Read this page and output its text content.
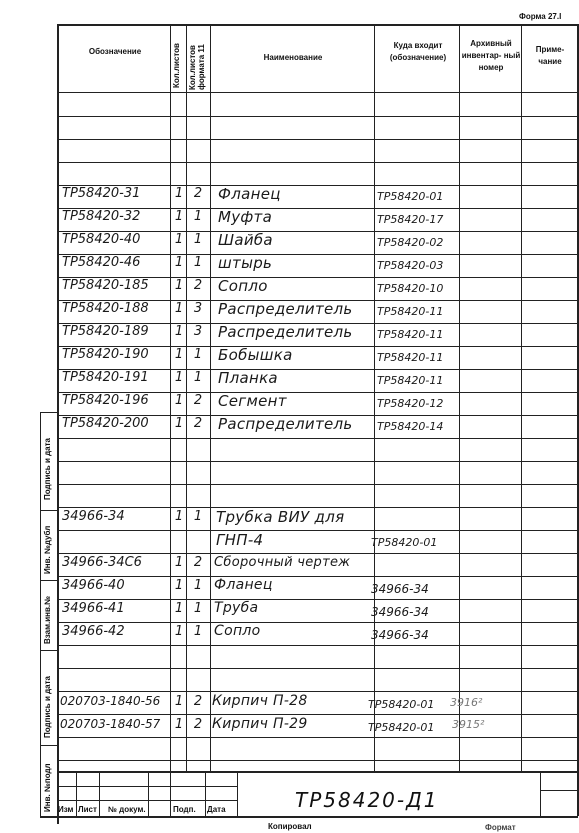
Форма 27.I
Обозначение	Кол.листов Кол.листов формата 11	Наименование
Куда входит (обозначение)
Архивный инвентар- ный номер
Приме- чание
ТР58420-31	1 2 Фланец	ТР58420-01
ТР58420-32	1 1 Муфта	ТР58420-17
ТР58420-40	1 1 Шайба	ТР58420-02
ТР58420-46	1 1 штырь	ТР58420-03
ТР58420-185 1 2 Сопло	ТР58420-10
ТР58420-188 1 3 Распределитель ТР58420-11
ТР58420-189 1 3 Распределитель ТР58420-11
ТР58420-190 1 1 Бобышка	ТР58420-11
ТР58420-191 1 1 Планка	ТР58420-11
ТР58420-196 1 2 Сегмент	ТР58420-12
ТР58420-200 1 2 Распределитель ТР58420-14
34966-34	1 1 Трубка ВИУ для
ГНП-4	ТР58420-01
34966-34С6	1 2 Сборочный чертеж
34966-40	1 1 Фланец	34966-34
34966-41	1 1 Труба	34966-34
34966-42	1 1 Сопло	34966-34
020703-1840-56 1 2 Кирпич П-28	ТР58420-01 3916²
020703-1840-57 1 2 Кирпич П-29	ТР58420-01 3915²
Подпись и дата
Инв. №дубл
Взам.инв.№
Подпись и дата
Инв. №подл Изм Лист № докум.	Подп. Дата	ТР58420-Д1
Копировал	Формат
